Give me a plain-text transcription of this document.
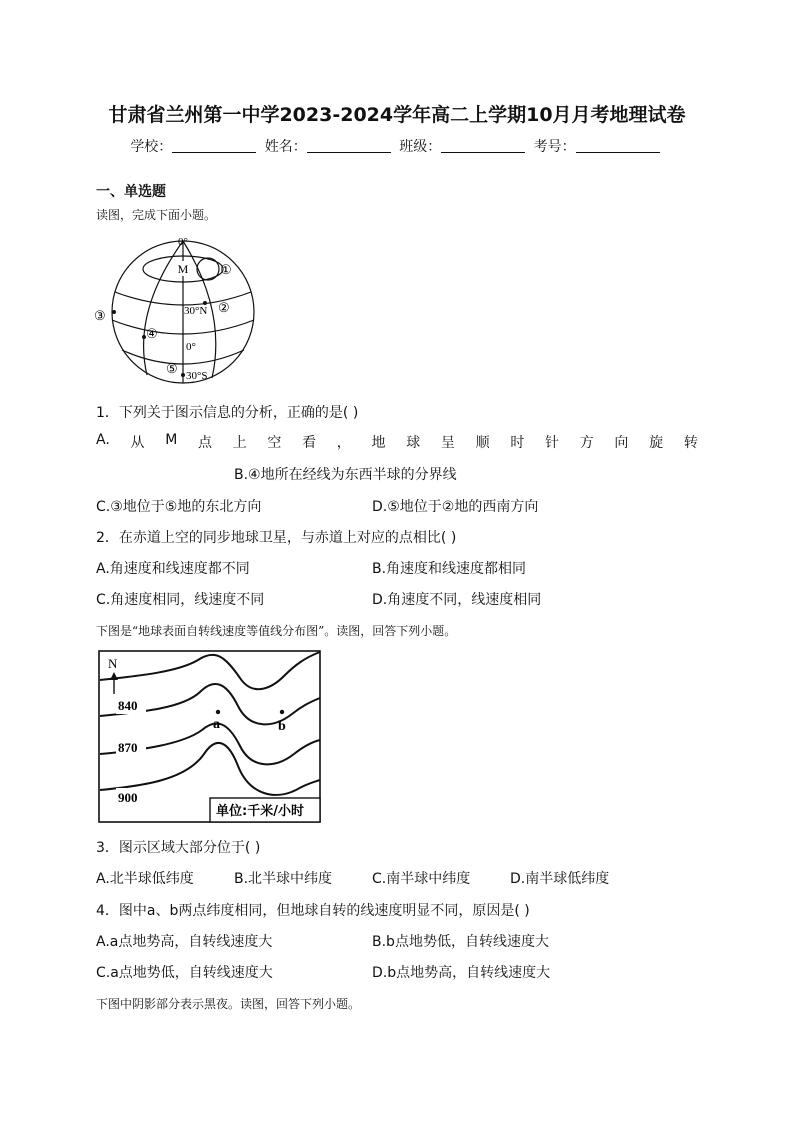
甘肃省兰州第一中学2023-2024学年高二上学期10月月考地理试卷
学校：	姓名：	班级：	考号：
一、单选题
读图，完成下面小题。
M
0°
①
②
③
④
⑤
30°N
0°
30°S
1．下列关于图示信息的分析，正确的是( )
A. 从 M 点 上 空 看 ， 地 球 呈 顺 时 针 方 向 旋 转
B.④地所在经线为东西半球的分界线
C.③地位于⑤地的东北方向	D.⑤地位于②地的西南方向
2．在赤道上空的同步地球卫星，与赤道上对应的点相比( )
A.角速度和线速度都不同	B.角速度和线速度都相同
C.角速度相同，线速度不同	D.角速度不同，线速度相同
下图是“地球表面自转线速度等值线分布图”。读图，回答下列小题。
N
840
870
900
a	b
单位:千米/小时
3．图示区域大部分位于( )
A.北半球低纬度	B.北半球中纬度	C.南半球中纬度	D.南半球低纬度
4．图中a、b两点纬度相同，但地球自转的线速度明显不同，原因是( )
A.a点地势高，自转线速度大	B.b点地势低，自转线速度大
C.a点地势低，自转线速度大	D.b点地势高，自转线速度大
下图中阴影部分表示黑夜。读图，回答下列小题。
